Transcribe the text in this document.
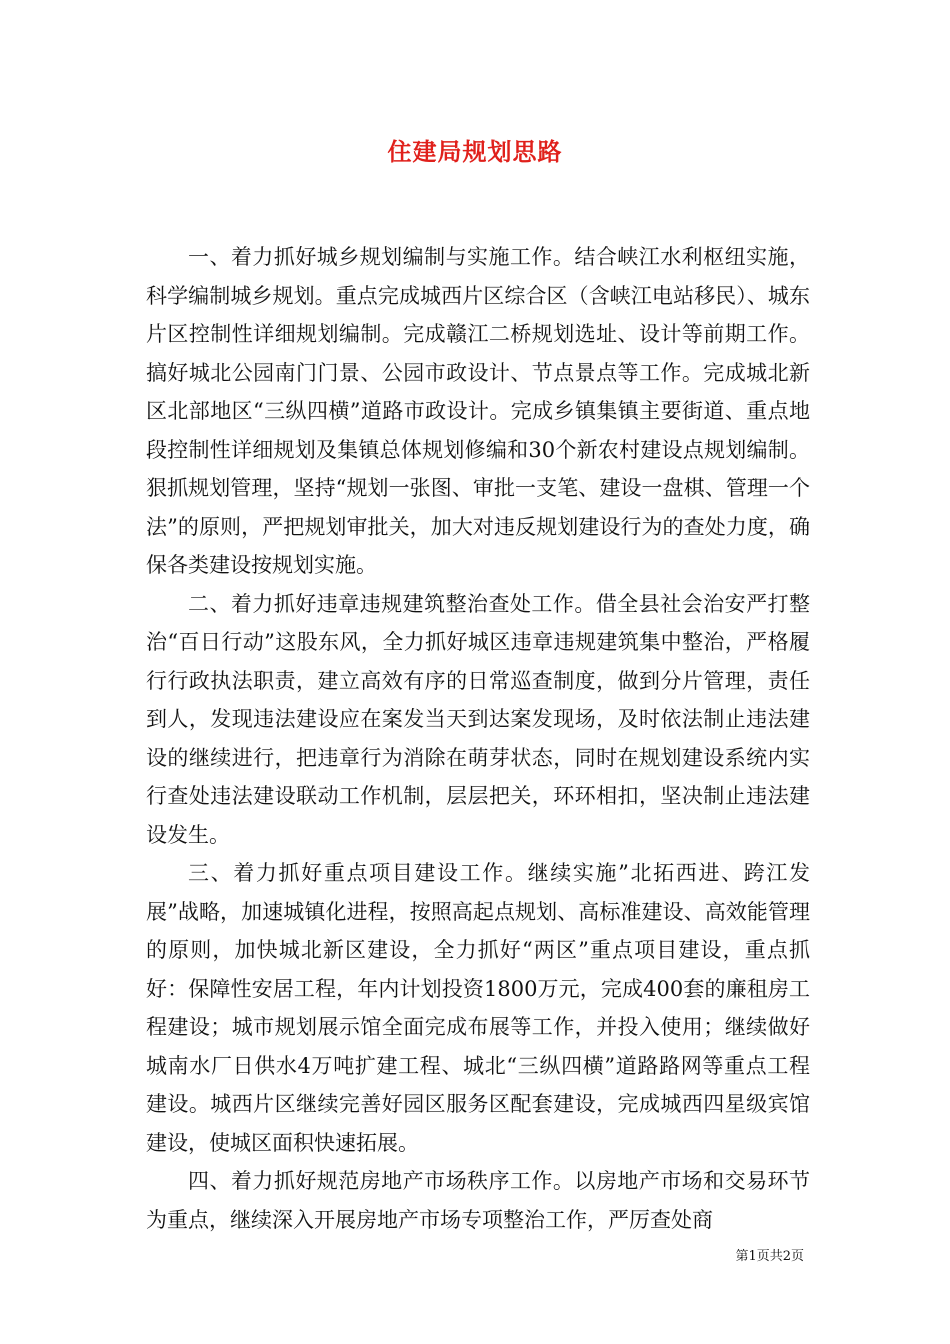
住建局规划思路

一、着力抓好城乡规划编制与实施工作。结合峡江水利枢纽实施，科学编制城乡规划。重点完成城西片区综合区（含峡江电站移民）、城东片区控制性详细规划编制。完成赣江二桥规划选址、设计等前期工作。搞好城北公园南门门景、公园市政设计、节点景点等工作。完成城北新区北部地区“三纵四横”道路市政设计。完成乡镇集镇主要街道、重点地段控制性详细规划及集镇总体规划修编和30个新农村建设点规划编制。狠抓规划管理，坚持“规划一张图、审批一支笔、建设一盘棋、管理一个法”的原则，严把规划审批关，加大对违反规划建设行为的查处力度，确保各类建设按规划实施。

二、着力抓好违章违规建筑整治查处工作。借全县社会治安严打整治“百日行动”这股东风，全力抓好城区违章违规建筑集中整治，严格履行行政执法职责，建立高效有序的日常巡查制度，做到分片管理，责任到人，发现违法建设应在案发当天到达案发现场，及时依法制止违法建设的继续进行，把违章行为消除在萌芽状态，同时在规划建设系统内实行查处违法建设联动工作机制，层层把关，环环相扣，坚决制止违法建设发生。

三、着力抓好重点项目建设工作。继续实施”北拓西进、跨江发展”战略，加速城镇化进程，按照高起点规划、高标准建设、高效能管理的原则，加快城北新区建设，全力抓好“两区”重点项目建设，重点抓好：保障性安居工程，年内计划投资1800万元，完成400套的廉租房工程建设；城市规划展示馆全面完成布展等工作，并投入使用；继续做好城南水厂日供水4万吨扩建工程、城北“三纵四横”道路路网等重点工程建设。城西片区继续完善好园区服务区配套建设，完成城西四星级宾馆建设，使城区面积快速拓展。

四、着力抓好规范房地产市场秩序工作。以房地产市场和交易环节为重点，继续深入开展房地产市场专项整治工作，严厉查处商

第1页共2页
